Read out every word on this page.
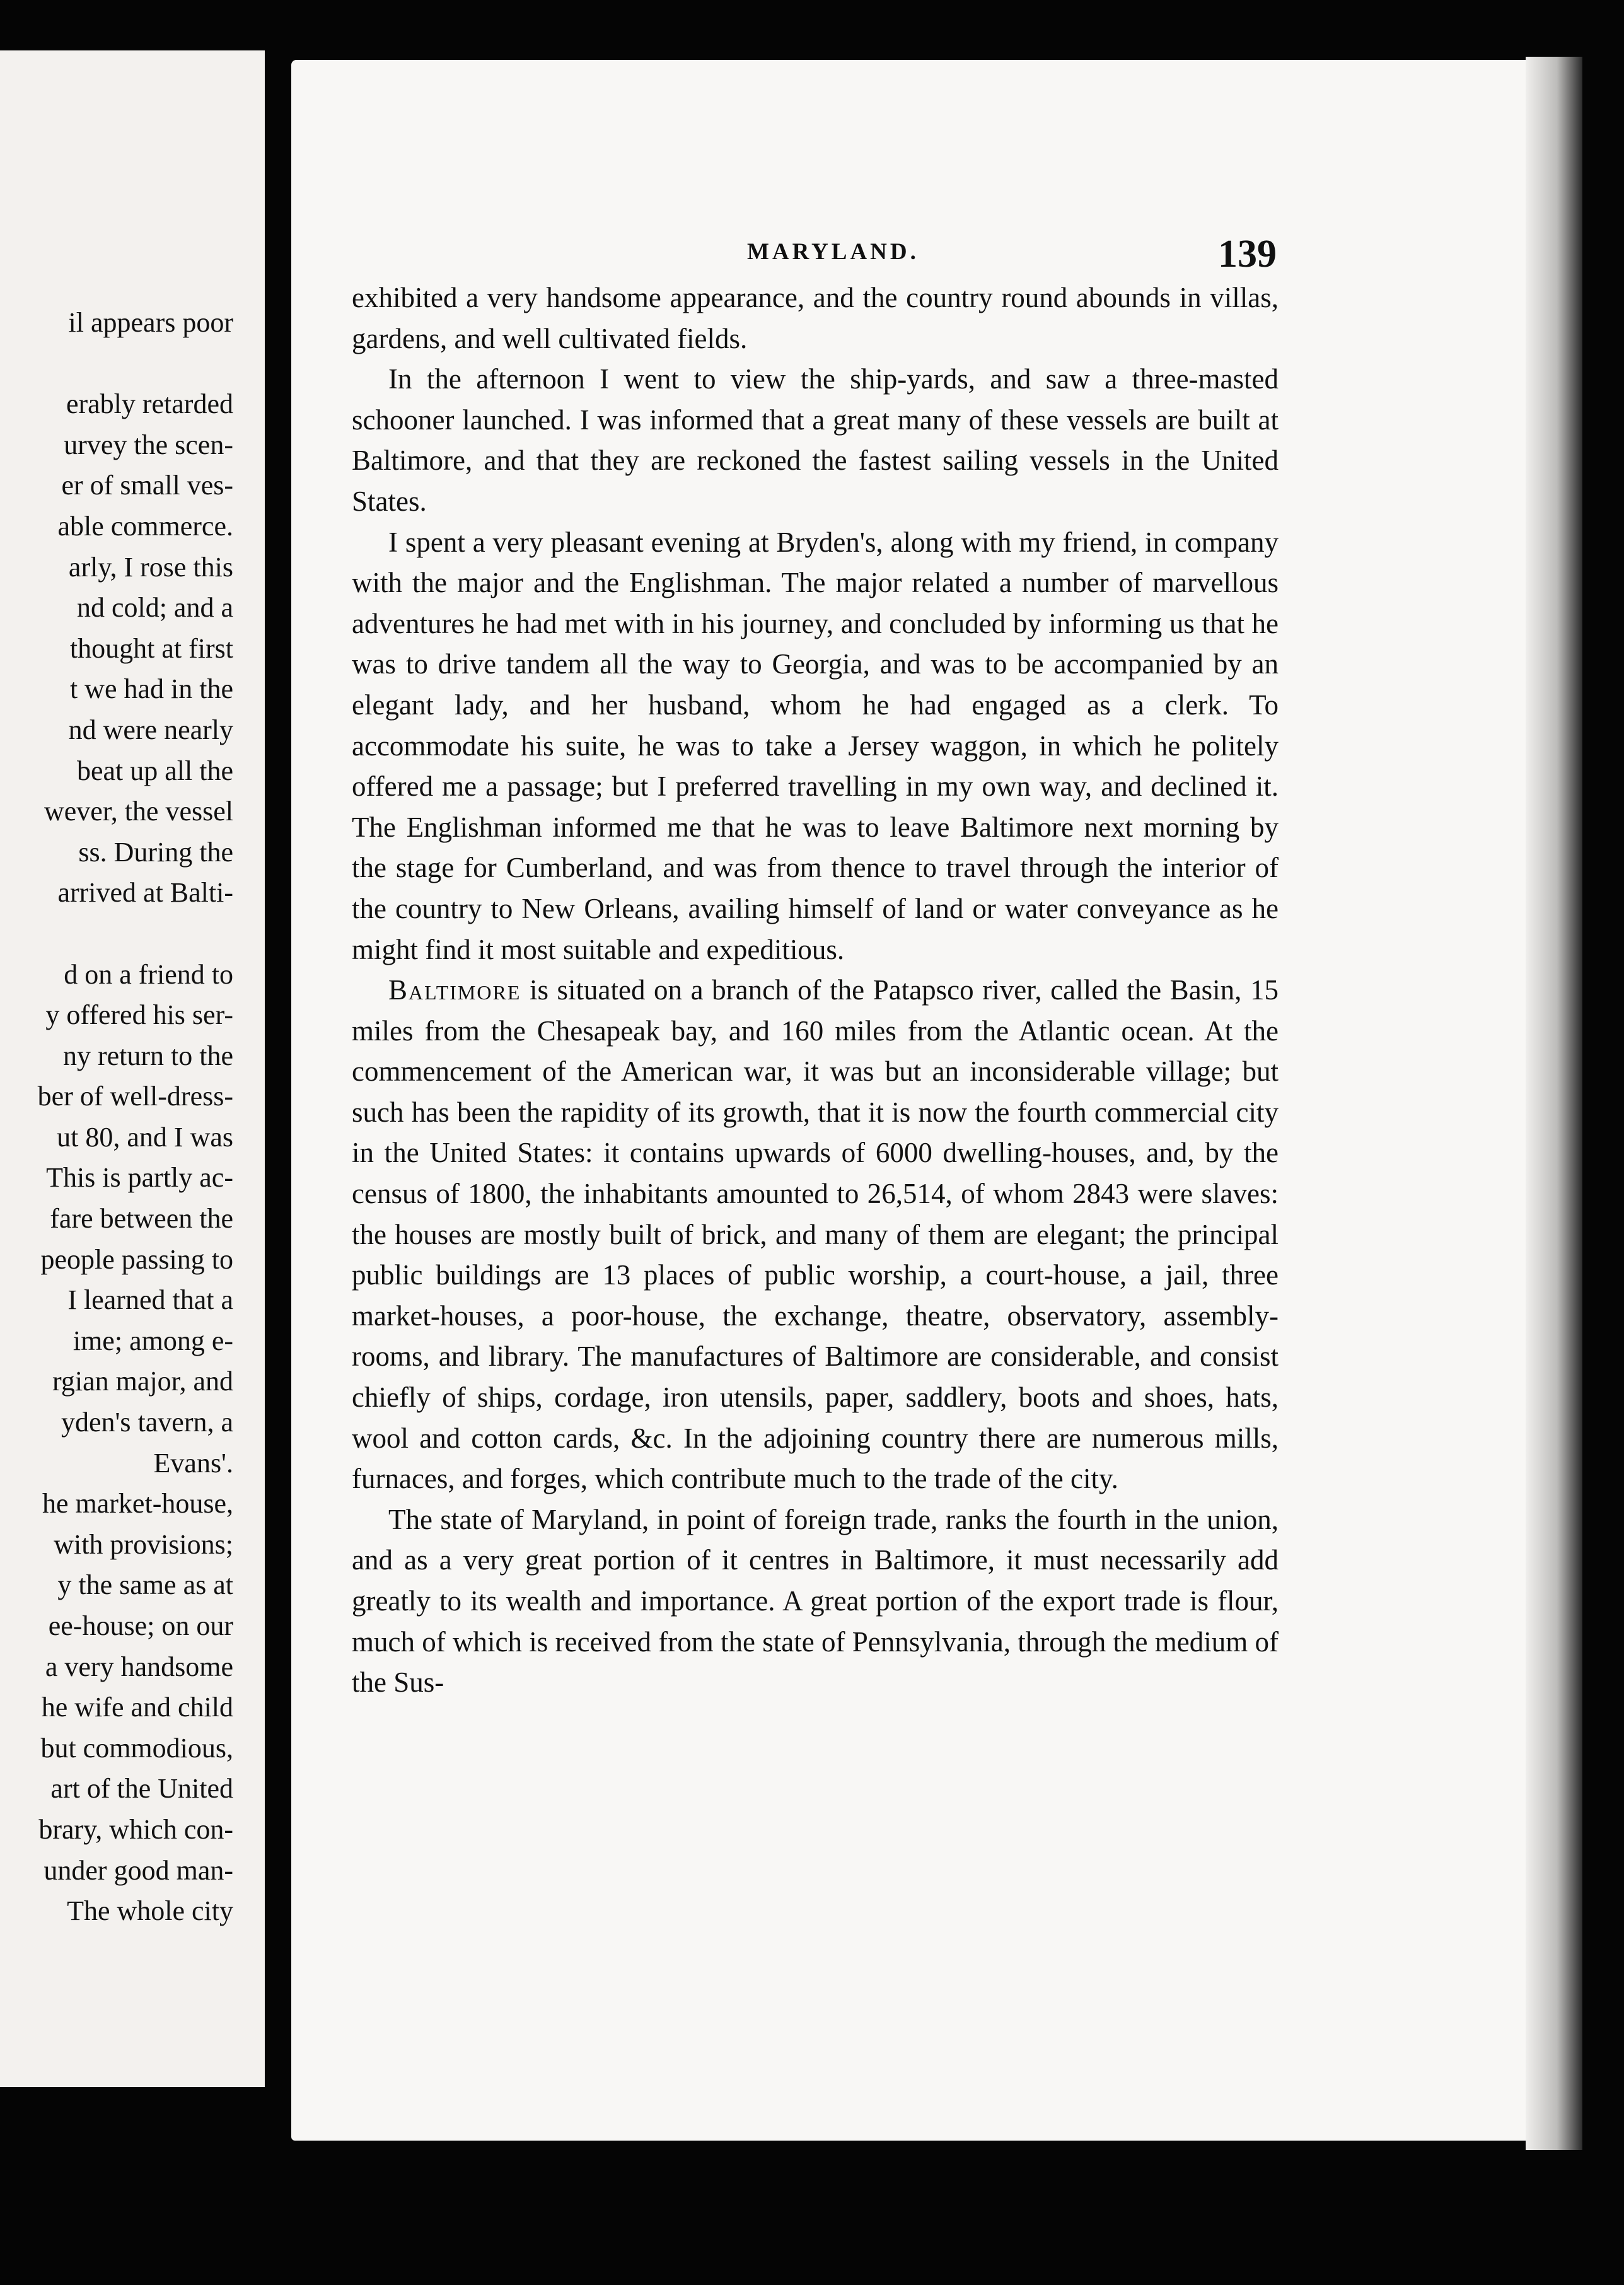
il appears poor
erably retarded
urvey the scen-
er of small ves-
able commerce.
arly, I rose this
nd cold; and a
thought at first
t we had in the
nd were nearly
beat up all the
wever, the vessel
ss. During the
arrived at Balti-
d on a friend to
y offered his ser-
ny return to the
ber of well-dress-
ut 80, and I was
This is partly ac-
fare between the
people passing to
I learned that a
ime; among e-
rgian major, and
yden's tavern, a
Evans'.
he market-house,
with provisions;
y the same as at
ee-house; on our
a very handsome
he wife and child
but commodious,
art of the United
brary, which con-
under good man-
The whole city
MARYLAND.	139

exhibited a very handsome appearance, and the country round abounds in villas, gardens, and well cultivated fields.

In the afternoon I went to view the ship-yards, and saw a three-masted schooner launched. I was informed that a great many of these vessels are built at Baltimore, and that they are reckoned the fastest sailing vessels in the United States.

I spent a very pleasant evening at Bryden's, along with my friend, in company with the major and the Englishman. The major related a number of marvellous adventures he had met with in his journey, and concluded by informing us that he was to drive tandem all the way to Georgia, and was to be accompanied by an elegant lady, and her husband, whom he had engaged as a clerk. To accommodate his suite, he was to take a Jersey waggon, in which he politely offered me a passage; but I preferred travelling in my own way, and declined it. The Englishman informed me that he was to leave Baltimore next morning by the stage for Cumberland, and was from thence to travel through the interior of the country to New Orleans, availing himself of land or water conveyance as he might find it most suitable and expeditious.

Baltimore is situated on a branch of the Patapsco river, called the Basin, 15 miles from the Chesapeak bay, and 160 miles from the Atlantic ocean. At the commencement of the American war, it was but an inconsiderable village; but such has been the rapidity of its growth, that it is now the fourth commercial city in the United States: it contains upwards of 6000 dwelling-houses, and, by the census of 1800, the inhabitants amounted to 26,514, of whom 2843 were slaves: the houses are mostly built of brick, and many of them are elegant; the principal public buildings are 13 places of public worship, a court-house, a jail, three market-houses, a poor-house, the exchange, theatre, observatory, assembly-rooms, and library. The manufactures of Baltimore are considerable, and consist chiefly of ships, cordage, iron utensils, paper, saddlery, boots and shoes, hats, wool and cotton cards, &c. In the adjoining country there are numerous mills, furnaces, and forges, which contribute much to the trade of the city.

The state of Maryland, in point of foreign trade, ranks the fourth in the union, and as a very great portion of it centres in Baltimore, it must necessarily add greatly to its wealth and importance. A great portion of the export trade is flour, much of which is received from the state of Pennsylvania, through the medium of the Sus-
